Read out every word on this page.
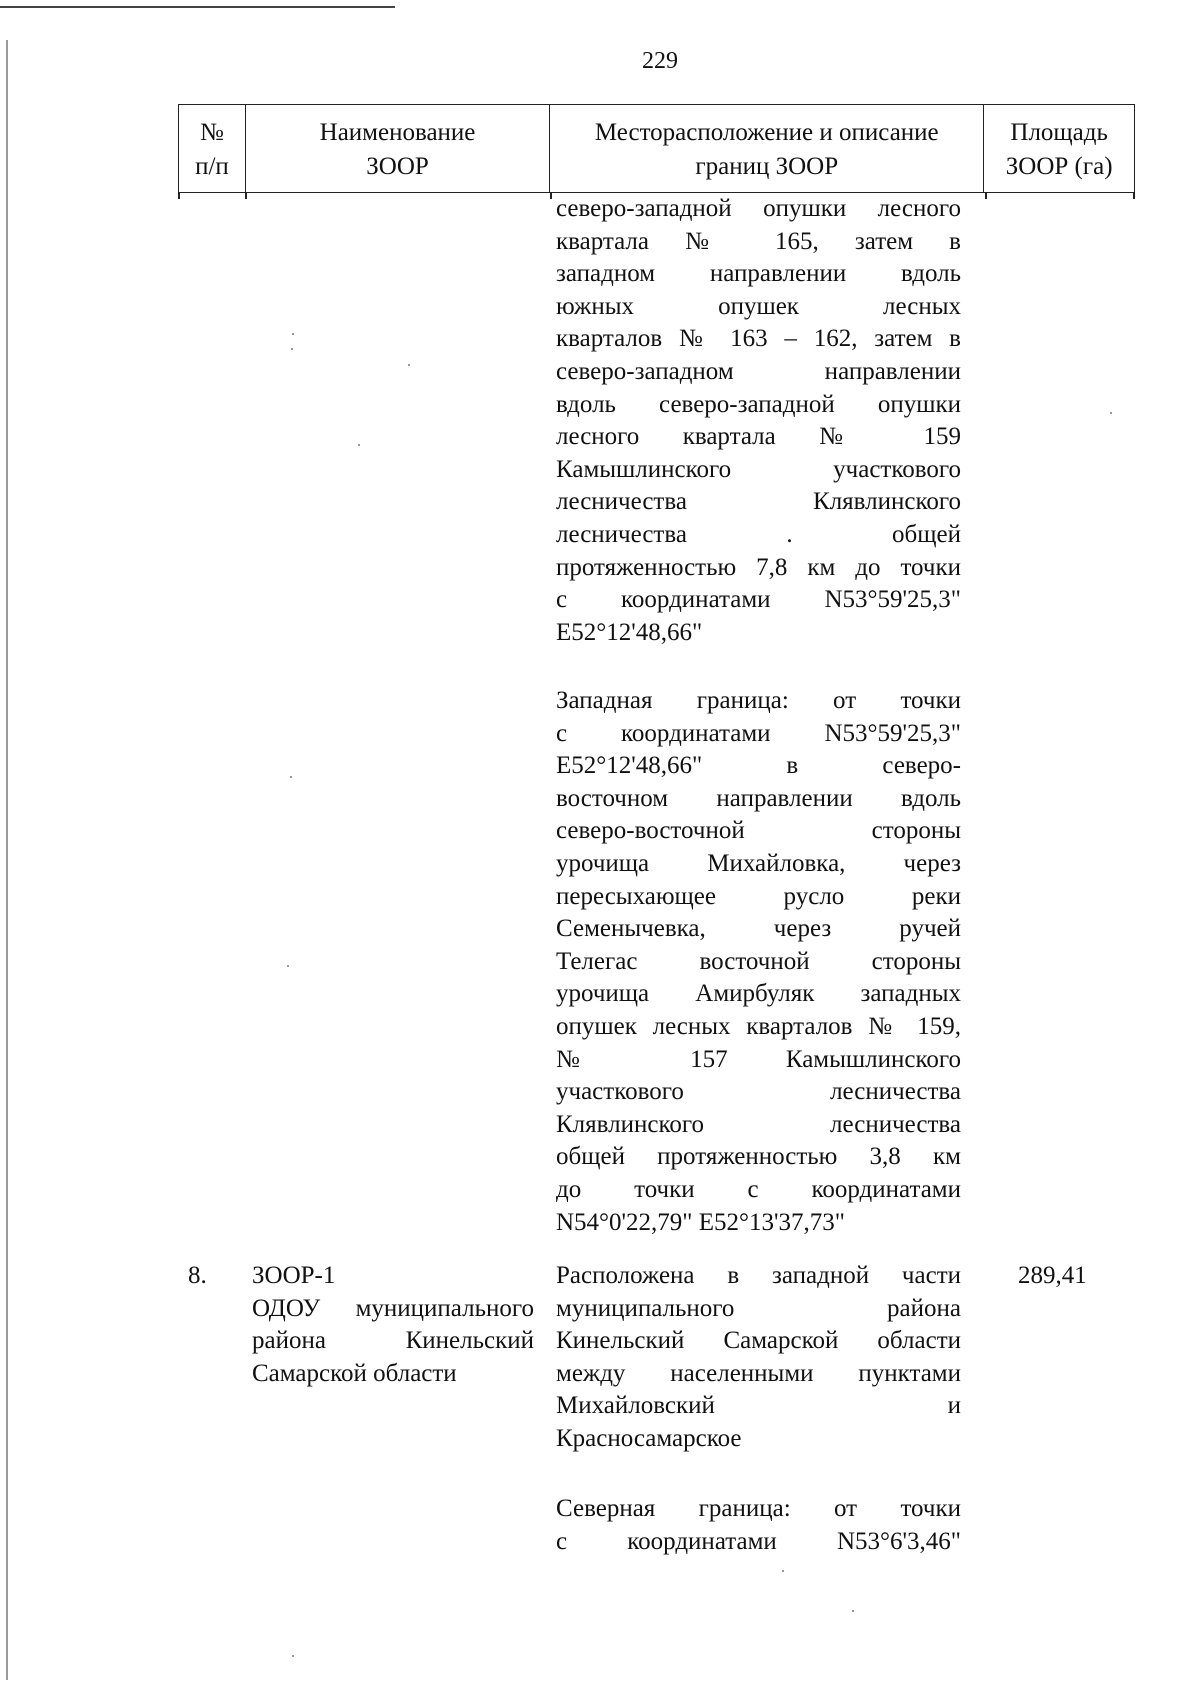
229
№
п/п
Наименование
ЗООР
Месторасположение и описание
границ ЗООР
Площадь
ЗООР (га)
северо-западной опушки лесного
квартала № 165, затем в
западном направлении вдоль
южных опушек лесных
кварталов № 163 – 162, затем в
северо-западном направлении
вдоль северо-западной опушки
лесного квартала № 159
Камышлинского участкового
лесничества Клявлинского
лесничества . общей
протяженностью 7,8 км до точки
с координатами N53°59'25,3"
E52°12'48,66"
Западная граница: от точки
с координатами N53°59'25,3"
E52°12'48,66" в северо-
восточном направлении вдоль
северо-восточной стороны
урочища Михайловка, через
пересыхающее русло реки
Семенычевка, через ручей
Телегас восточной стороны
урочища Амирбуляк западных
опушек лесных кварталов № 159,
№ 157 Камышлинского
участкового лесничества
Клявлинского лесничества
общей протяженностью 3,8 км
до точки с координатами
N54°0'22,79" E52°13'37,73"
8. ЗООР-1
ОДОУ муниципального
района Кинельский
Самарской области
Расположена в западной части
муниципального района
Кинельский Самарской области
между населенными пунктами
Михайловский и
Красносамарское
Северная граница: от точки
с координатами N53°6'3,46"
289,41
